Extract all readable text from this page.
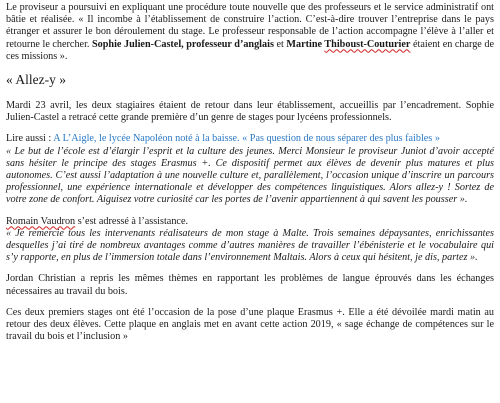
Le proviseur a poursuivi en expliquant une procédure toute nouvelle que des professeurs et le service administratif ont bâtie et réalisée. « Il incombe à l’établissement de construire l’action. C’est-à-dire trouver l’entreprise dans le pays étranger et assurer le bon déroulement du stage. Le professeur responsable de l’action accompagne l’élève à l’aller et retourne le chercher. Sophie Julien-Castel, professeur d’anglais et Martine Thiboust-Couturier étaient en charge de ces missions ».

« Allez-y »

Mardi 23 avril, les deux stagiaires étaient de retour dans leur établissement, accueillis par l’encadrement. Sophie Julien-Castel a retracé cette grande première d’un genre de stages pour lycéens professionnels.

Lire aussi : A L’Aigle, le lycée Napoléon noté à la baisse. « Pas question de nous séparer des plus faibles »

« Le but de l’école est d’élargir l’esprit et la culture des jeunes. Merci Monsieur le proviseur Juniot d’avoir accepté sans hésiter le principe des stages Erasmus +. Ce dispositif permet aux élèves de devenir plus matures et plus autonomes. C’est aussi l’adaptation à une nouvelle culture et, parallèlement, l’occasion unique d’inscrire un parcours professionnel, une expérience internationale et développer des compétences linguistiques. Alors allez-y ! Sortez de votre zone de confort. Aiguisez votre curiosité car les portes de l’avenir appartiennent à qui savent les pousser ».

Romain Vaudron s’est adressé à l’assistance.

« Je remercie tous les intervenants réalisateurs de mon stage à Malte. Trois semaines dépaysantes, enrichissantes desquelles j’ai tiré de nombreux avantages comme d’autres manières de travailler l’ébénisterie et le vocabulaire qui s’y rapporte, en plus de l’immersion totale dans l’environnement Maltais. Alors à ceux qui hésitent, je dis, partez ».

Jordan Christian a repris les mêmes thèmes en rapportant les problèmes de langue éprouvés dans les échanges nécessaires au travail du bois.

Ces deux premiers stages ont été l’occasion de la pose d’une plaque Erasmus +. Elle a été dévoilée mardi matin au retour des deux élèves. Cette plaque en anglais met en avant cette action 2019, « sage échange de compétences sur le travail du bois et l’inclusion »
